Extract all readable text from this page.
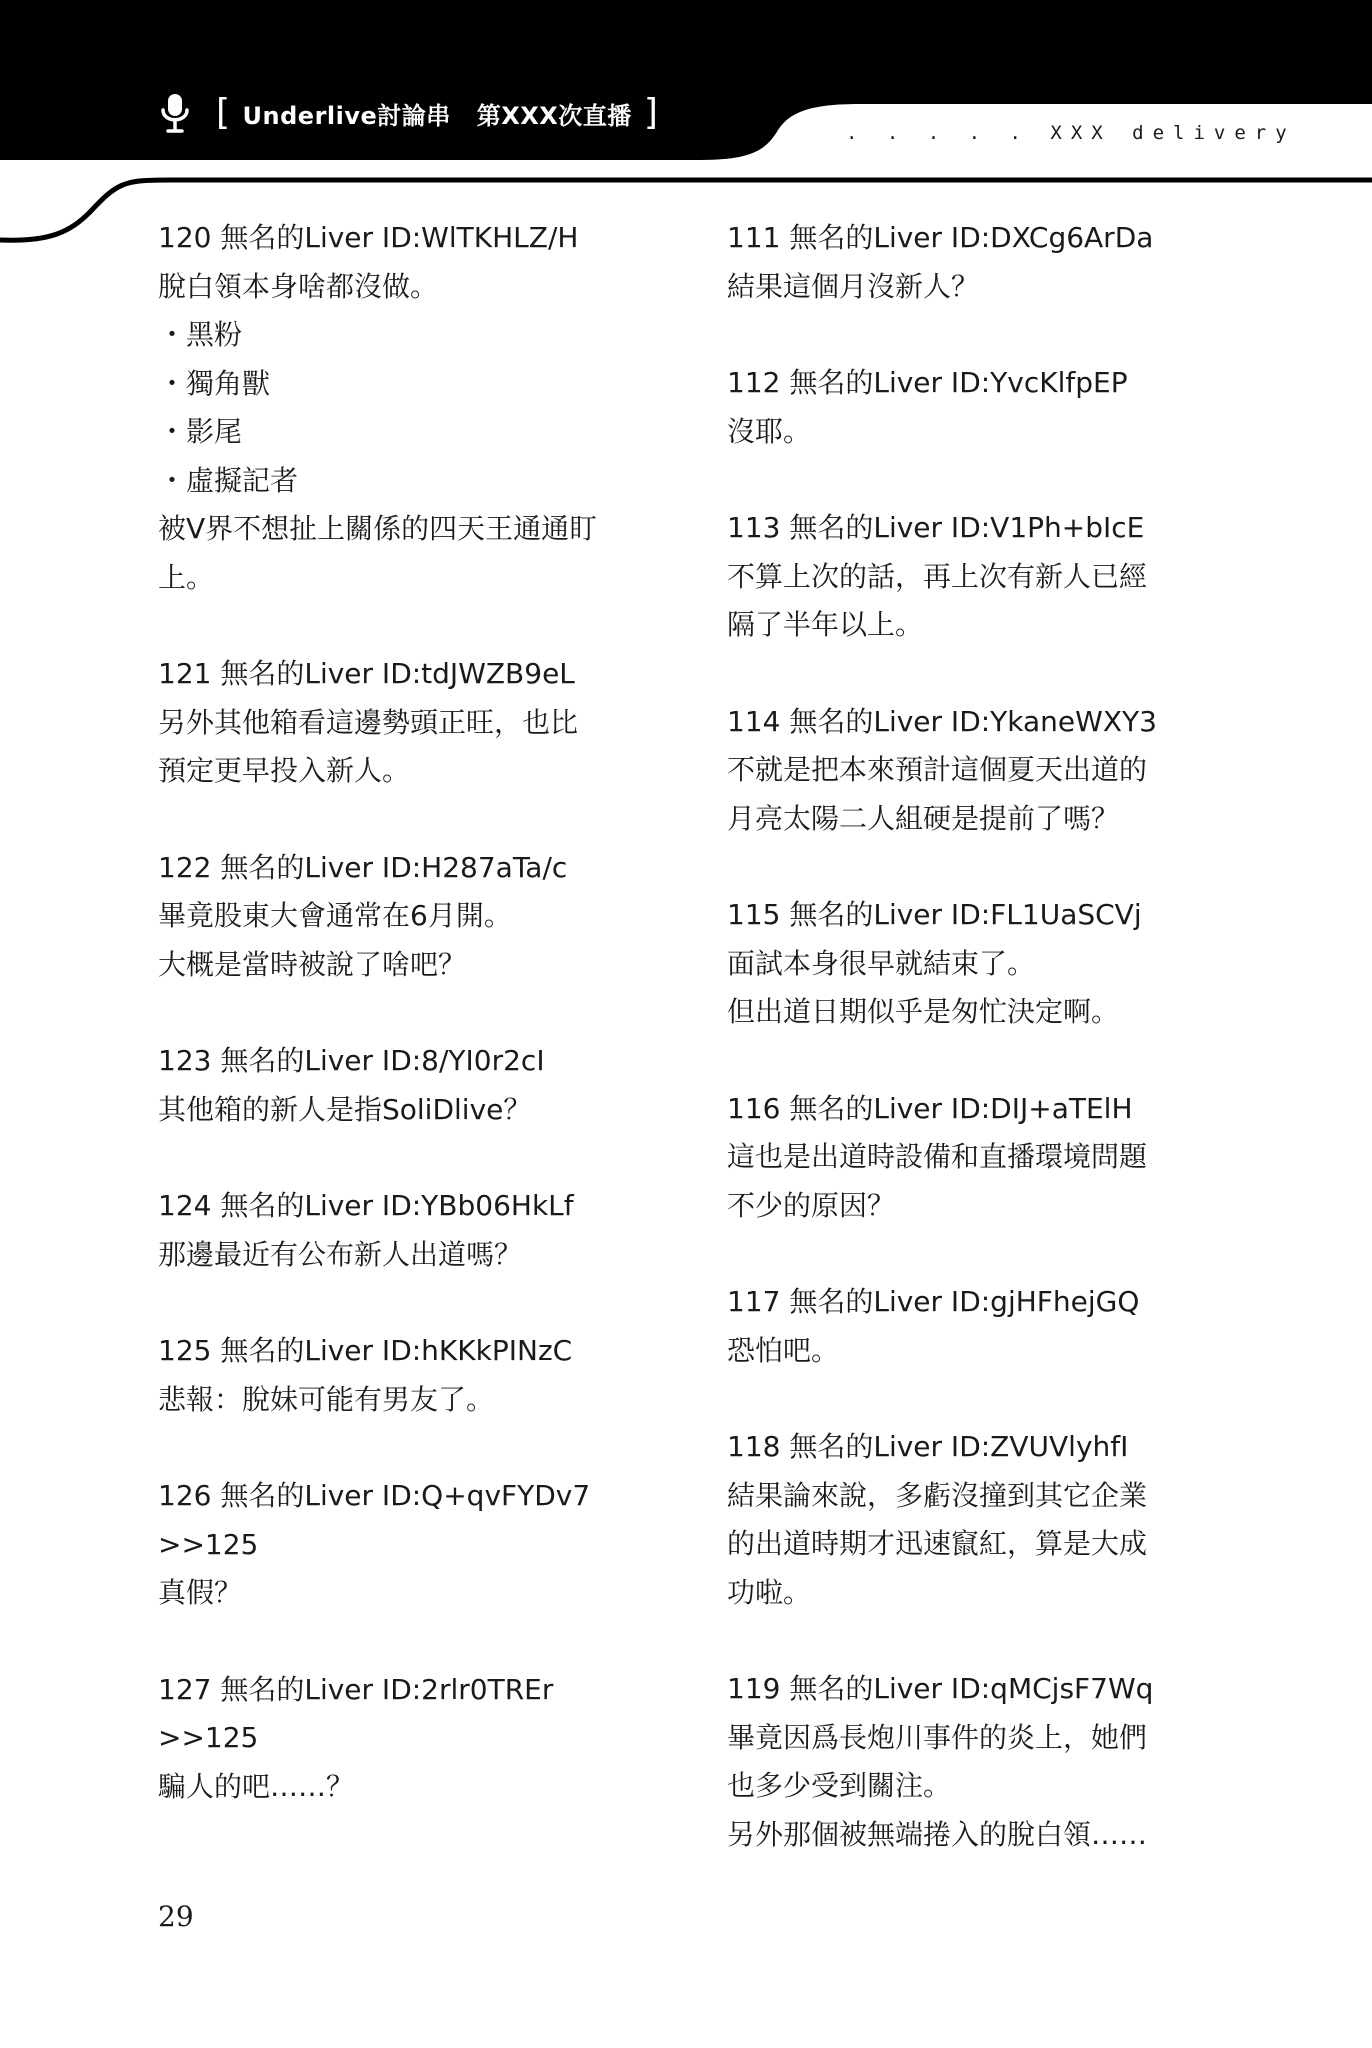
[ Underlive討論串 第XXX次直播 ]	. . . . . XXX delivery
120 無名的Liver ID:WlTKHLZ/H
脫白領本身啥都沒做。
・黑粉
・獨角獸
・影尾
・虛擬記者
被V界不想扯上關係的四天王通通盯
上。
121 無名的Liver ID:tdJWZB9eL
另外其他箱看這邊勢頭正旺，也比
預定更早投入新人。
122 無名的Liver ID:H287aTa/c
畢竟股東大會通常在6月開。
大概是當時被說了啥吧？
123 無名的Liver ID:8/YI0r2cI
其他箱的新人是指SoliDlive？
124 無名的Liver ID:YBb06HkLf
那邊最近有公布新人出道嗎？
125 無名的Liver ID:hKKkPINzC
悲報：脫妹可能有男友了。
126 無名的Liver ID:Q+qvFYDv7
>>125
真假？
127 無名的Liver ID:2rlr0TREr
>>125
騙人的吧……？
111 無名的Liver ID:DXCg6ArDa
結果這個月沒新人？
112 無名的Liver ID:YvcKlfpEP
沒耶。
113 無名的Liver ID:V1Ph+bIcE
不算上次的話，再上次有新人已經
隔了半年以上。
114 無名的Liver ID:YkaneWXY3
不就是把本來預計這個夏天出道的
月亮太陽二人組硬是提前了嗎？
115 無名的Liver ID:FL1UaSCVj
面試本身很早就結束了。
但出道日期似乎是匆忙決定啊。
116 無名的Liver ID:DIJ+aTElH
這也是出道時設備和直播環境問題
不少的原因？
117 無名的Liver ID:gjHFhejGQ
恐怕吧。
118 無名的Liver ID:ZVUVlyhfI
結果論來說，多虧沒撞到其它企業
的出道時期才迅速竄紅，算是大成
功啦。
119 無名的Liver ID:qMCjsF7Wq
畢竟因爲長炮川事件的炎上，她們
也多少受到關注。
另外那個被無端捲入的脫白領……
29
